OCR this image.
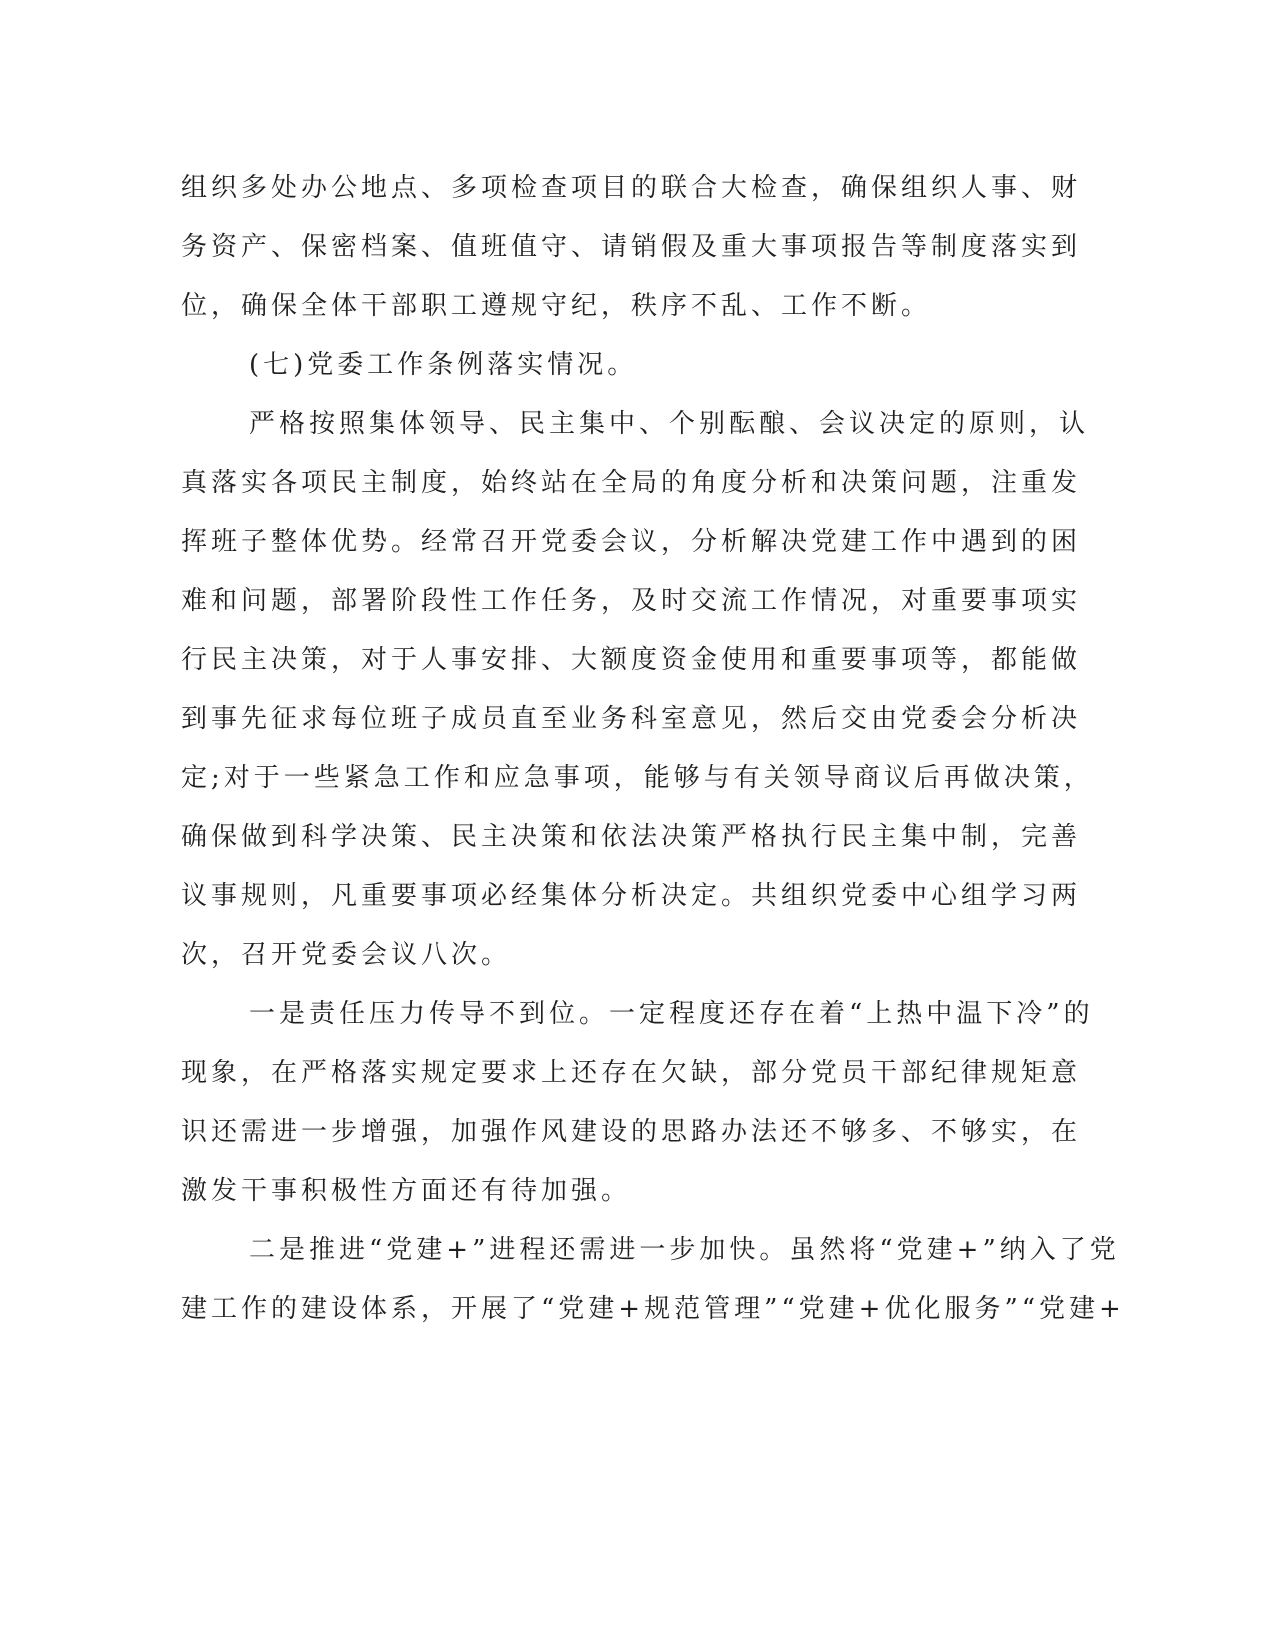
组织多处办公地点、多项检查项目的联合大检查，确保组织人事、财
务资产、保密档案、值班值守、请销假及重大事项报告等制度落实到
位，确保全体干部职工遵规守纪，秩序不乱、工作不断。
(七)党委工作条例落实情况。
严格按照集体领导、民主集中、个别酝酿、会议决定的原则，认
真落实各项民主制度，始终站在全局的角度分析和决策问题，注重发
挥班子整体优势。经常召开党委会议，分析解决党建工作中遇到的困
难和问题，部署阶段性工作任务，及时交流工作情况，对重要事项实
行民主决策，对于人事安排、大额度资金使用和重要事项等，都能做
到事先征求每位班子成员直至业务科室意见，然后交由党委会分析决
定;对于一些紧急工作和应急事项，能够与有关领导商议后再做决策，
确保做到科学决策、民主决策和依法决策严格执行民主集中制，完善
议事规则，凡重要事项必经集体分析决定。共组织党委中心组学习两
次，召开党委会议八次。
一是责任压力传导不到位。一定程度还存在着“上热中温下冷”的
现象，在严格落实规定要求上还存在欠缺，部分党员干部纪律规矩意
识还需进一步增强，加强作风建设的思路办法还不够多、不够实，在
激发干事积极性方面还有待加强。
二是推进“党建+”进程还需进一步加快。虽然将“党建+”纳入了党
建工作的建设体系，开展了“党建+规范管理”“党建+优化服务”“党建+
